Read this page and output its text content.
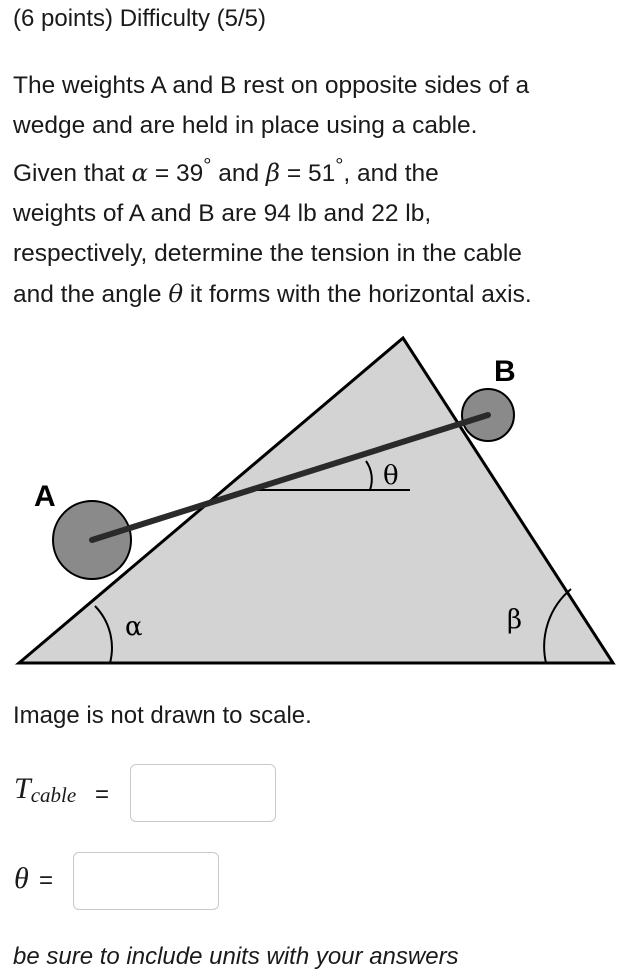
(6 points) Difficulty (5/5)
The weights A and B rest on opposite sides of a
wedge and are held in place using a cable.
Given that α = 39° and β = 51°, and the
weights of A and B are 94 lb and 22 lb,
respectively, determine the tension in the cable
and the angle θ it forms with the horizontal axis.
A
B
α	β
θ
Image is not drawn to scale.
Tcable =
θ =
be sure to include units with your answers
